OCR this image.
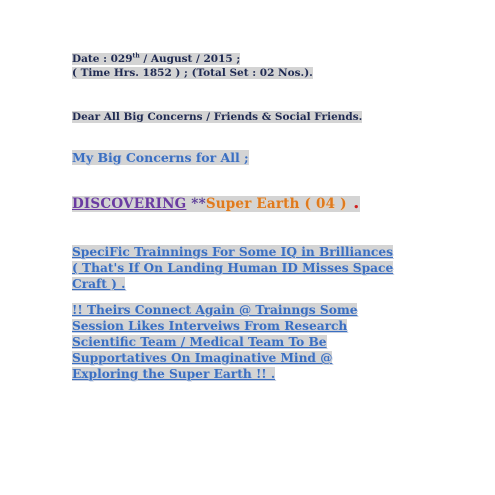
Date : 029th / August / 2015 ;
( Time Hrs. 1852 ) ; (Total Set : 02 Nos.).
Dear All Big Concerns / Friends & Social Friends.
My Big Concerns for All ;
DISCOVERING **Super Earth ( 04 ) .
SpeciFic Trainnings For Some IQ in Brilliances
( That's If On Landing Human ID Misses Space
Craft ) .
!! Theirs Connect Again @ Trainngs Some
Session Likes Interveiws From Research
Scientific Team / Medical Team To Be
Supportatives On Imaginative Mind @
Exploring the Super Earth !! .
